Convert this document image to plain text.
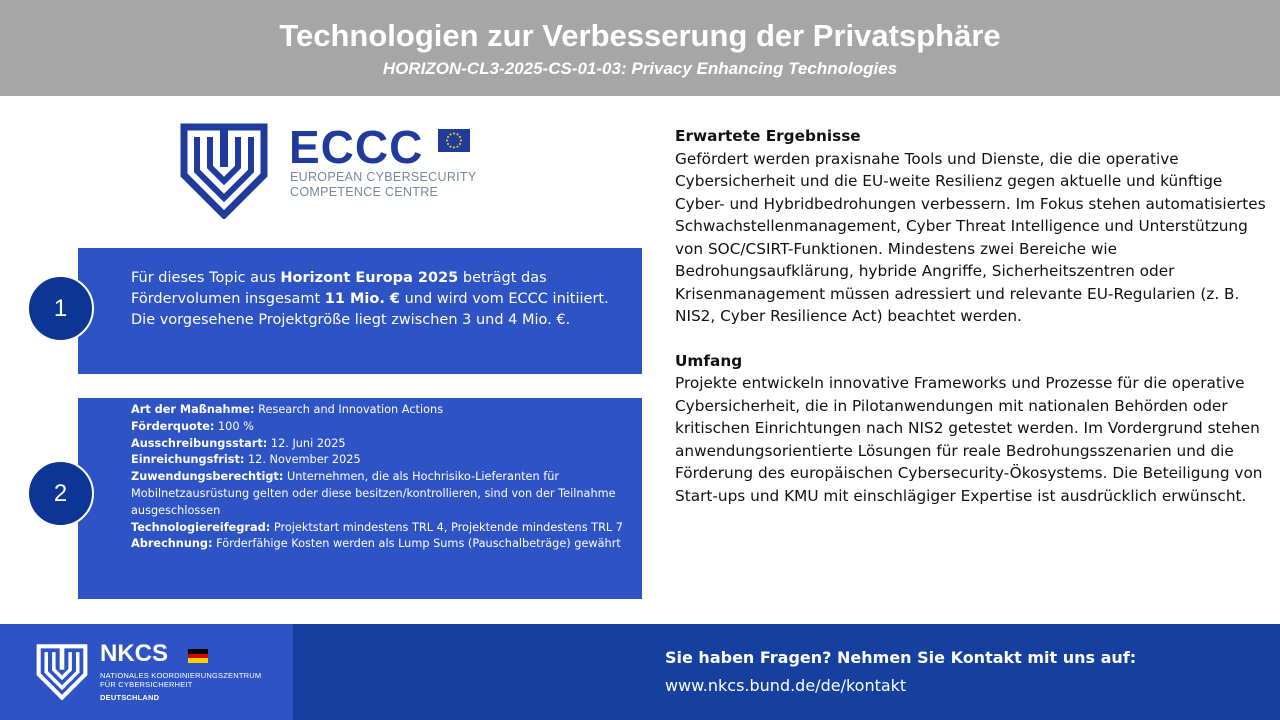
Technologien zur Verbesserung der Privatsphäre
HORIZON-CL3-2025-CS-01-03: Privacy Enhancing Technologies
ECCC
EUROPEAN CYBERSECURITY
COMPETENCE CENTRE
Für dieses Topic aus Horizont Europa 2025 beträgt das Fördervolumen insgesamt 11 Mio. € und wird vom ECCC initiiert. Die vorgesehene Projektgröße liegt zwischen 3 und 4 Mio. €.
1
Art der Maßnahme: Research and Innovation Actions
Förderquote: 100 %
Ausschreibungsstart: 12. Juni 2025
Einreichungsfrist: 12. November 2025
Zuwendungsberechtigt: Unternehmen, die als Hochrisiko-Lieferanten für Mobilnetzausrüstung gelten oder diese besitzen/kontrollieren, sind von der Teilnahme ausgeschlossen
Technologiereifegrad: Projektstart mindestens TRL 4, Projektende mindestens TRL 7
Abrechnung: Förderfähige Kosten werden als Lump Sums (Pauschalbeträge) gewährt
2
Erwartete Ergebnisse
Gefördert werden praxisnahe Tools und Dienste, die die operative Cybersicherheit und die EU-weite Resilienz gegen aktuelle und künftige Cyber- und Hybridbedrohungen verbessern. Im Fokus stehen automatisiertes Schwachstellenmanagement, Cyber Threat Intelligence und Unterstützung von SOC/CSIRT-Funktionen. Mindestens zwei Bereiche wie Bedrohungsaufklärung, hybride Angriffe, Sicherheitszentren oder Krisenmanagement müssen adressiert und relevante EU-Regularien (z. B. NIS2, Cyber Resilience Act) beachtet werden.
Umfang
Projekte entwickeln innovative Frameworks und Prozesse für die operative Cybersicherheit, die in Pilotanwendungen mit nationalen Behörden oder kritischen Einrichtungen nach NIS2 getestet werden. Im Vordergrund stehen anwendungsorientierte Lösungen für reale Bedrohungsszenarien und die Förderung des europäischen Cybersecurity-Ökosystems. Die Beteiligung von Start-ups und KMU mit einschlägiger Expertise ist ausdrücklich erwünscht.
NKCS
NATIONALES KOORDINIERUNGSZENTRUM
FÜR CYBERSICHERHEIT
DEUTSCHLAND
Sie haben Fragen? Nehmen Sie Kontakt mit uns auf:
www.nkcs.bund.de/de/kontakt
